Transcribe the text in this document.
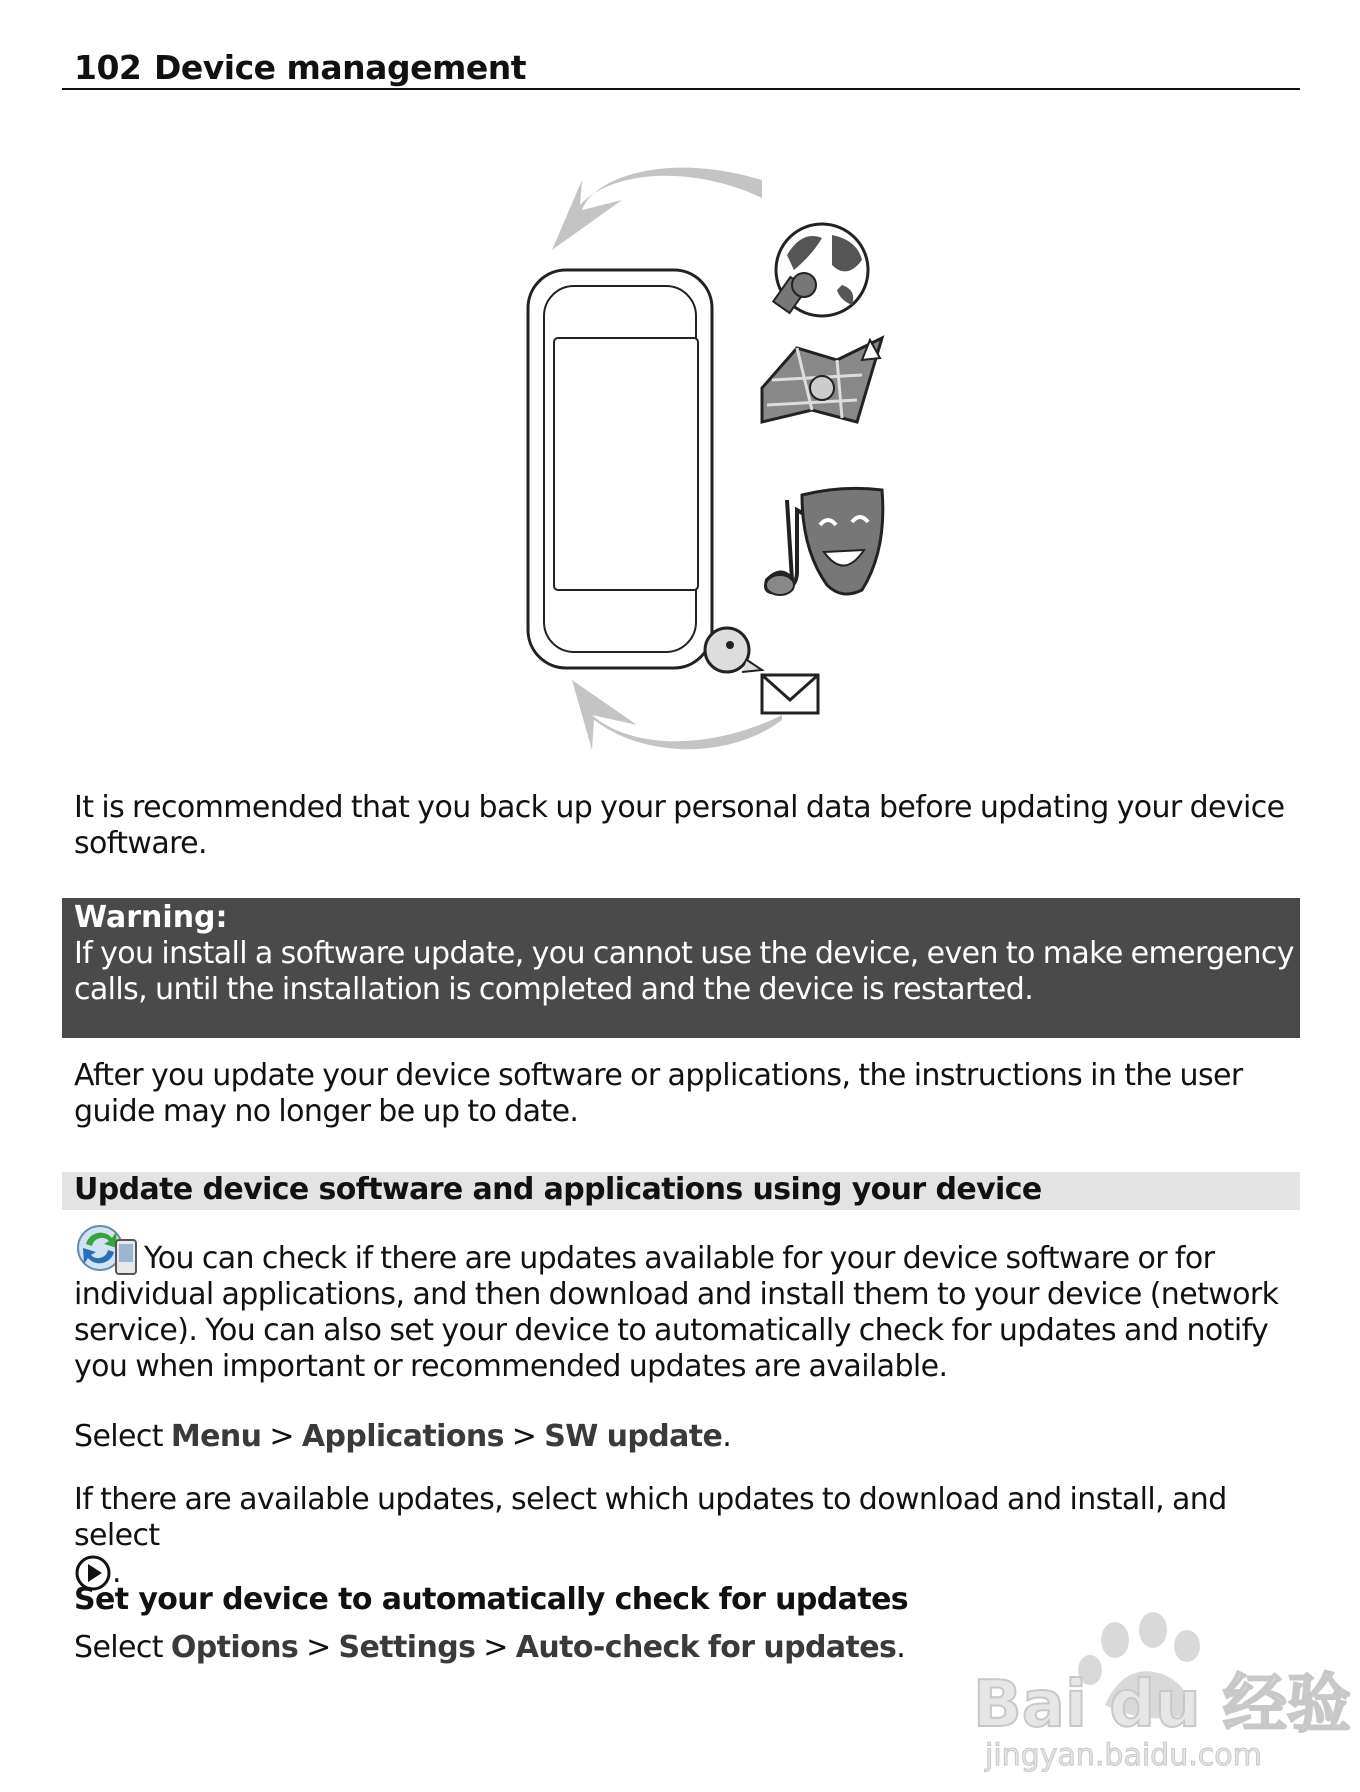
102 Device management

It is recommended that you back up your personal data before updating your device software.

Warning:
If you install a software update, you cannot use the device, even to make emergency calls, until the installation is completed and the device is restarted.

After you update your device software or applications, the instructions in the user guide may no longer be up to date.

Update device software and applications using your device

You can check if there are updates available for your device software or for individual applications, and then download and install them to your device (network service). You can also set your device to automatically check for updates and notify you when important or recommended updates are available.

Select Menu > Applications > SW update.

If there are available updates, select which updates to download and install, and select
.

Set your device to automatically check for updates

Select Options > Settings > Auto-check for updates.

Bai du 经验
jingyan.baidu.com
